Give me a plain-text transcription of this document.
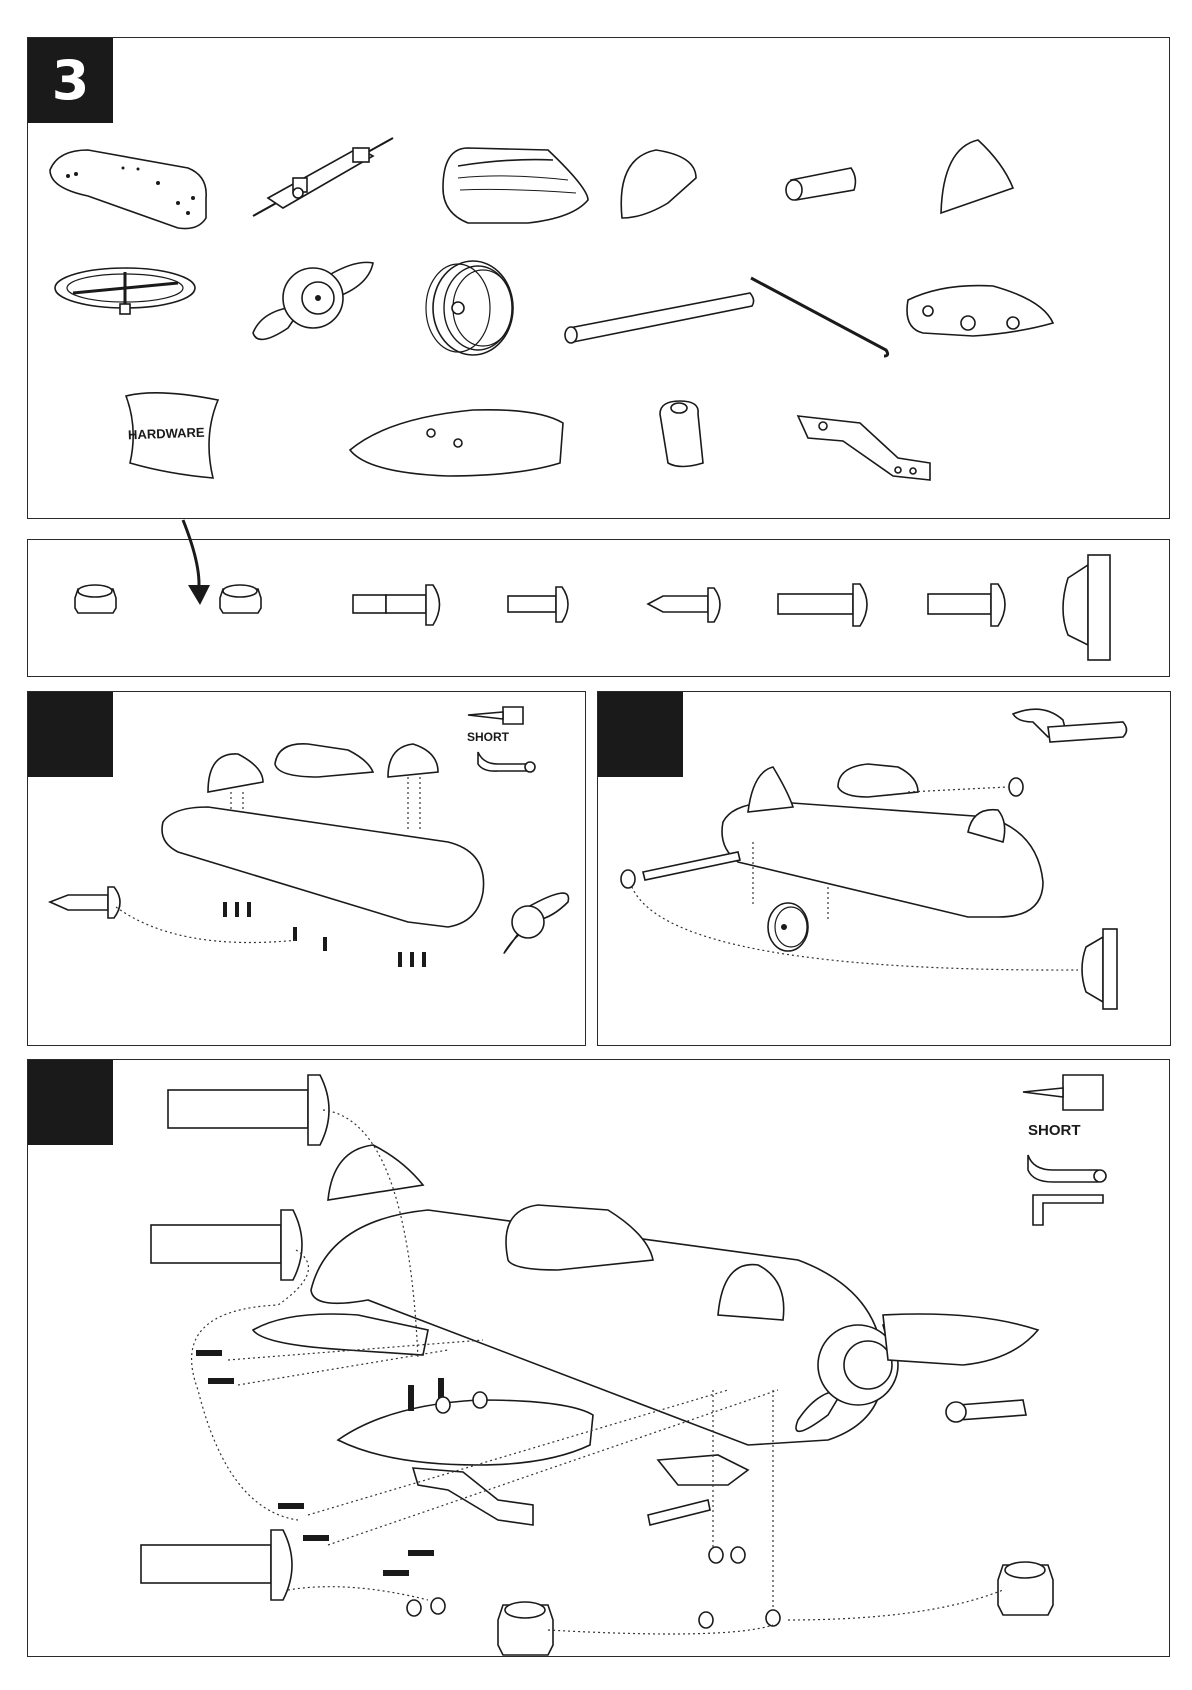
3
HARDWARE
SHORT
SHORT
